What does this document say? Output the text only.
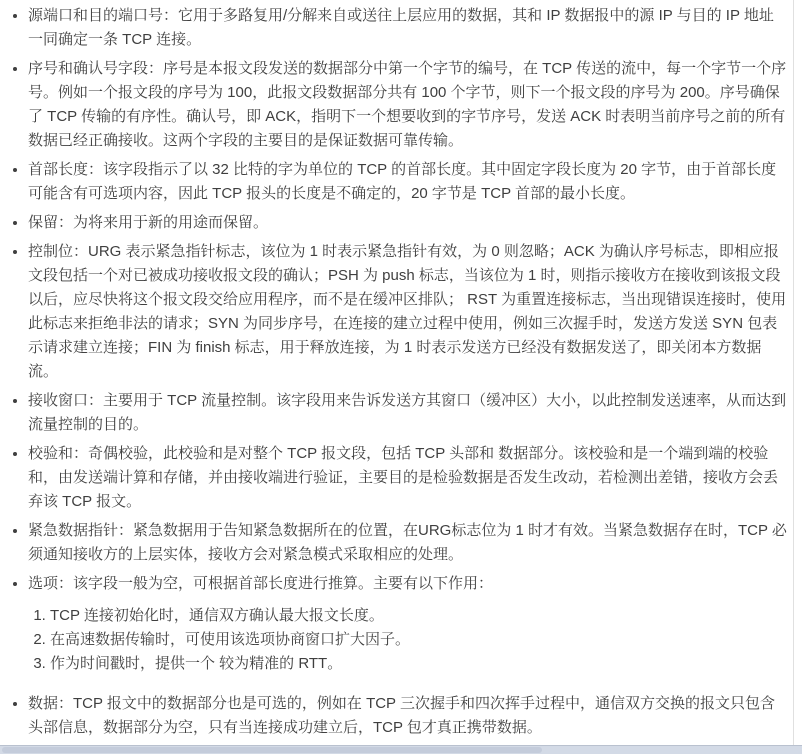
• 源端口和目的端口号：它用于多路复用/分解来自或送往上层应用的数据，其和 IP 数据报中的源 IP 与目的 IP 地址一同确定一条 TCP 连接。
• 序号和确认号字段：序号是本报文段发送的数据部分中第一个字节的编号，在 TCP 传送的流中，每一个字节一个序号。例如一个报文段的序号为 100，此报文段数据部分共有 100 个字节，则下一个报文段的序号为 200。序号确保了 TCP 传输的有序性。确认号，即 ACK，指明下一个想要收到的字节序号，发送 ACK 时表明当前序号之前的所有数据已经正确接收。这两个字段的主要目的是保证数据可靠传输。
• 首部长度：该字段指示了以 32 比特的字为单位的 TCP 的首部长度。其中固定字段长度为 20 字节，由于首部长度可能含有可选项内容，因此 TCP 报头的长度是不确定的，20 字节是 TCP 首部的最小长度。
• 保留：为将来用于新的用途而保留。
• 控制位：URG 表示紧急指针标志，该位为 1 时表示紧急指针有效，为 0 则忽略；ACK 为确认序号标志，即相应报文段包括一个对已被成功接收报文段的确认；PSH 为 push 标志，当该位为 1 时，则指示接收方在接收到该报文段以后，应尽快将这个报文段交给应用程序，而不是在缓冲区排队； RST 为重置连接标志，当出现错误连接时，使用此标志来拒绝非法的请求；SYN 为同步序号，在连接的建立过程中使用，例如三次握手时，发送方发送 SYN 包表示请求建立连接；FIN 为 finish 标志，用于释放连接，为 1 时表示发送方已经没有数据发送了，即关闭本方数据流。
• 接收窗口：主要用于 TCP 流量控制。该字段用来告诉发送方其窗口（缓冲区）大小，以此控制发送速率，从而达到流量控制的目的。
• 校验和：奇偶校验，此校验和是对整个 TCP 报文段，包括 TCP 头部和 数据部分。该校验和是一个端到端的校验和，由发送端计算和存储，并由接收端进行验证，主要目的是检验数据是否发生改动，若检测出差错，接收方会丢弃该 TCP 报文。
• 紧急数据指针：紧急数据用于告知紧急数据所在的位置，在URG标志位为 1 时才有效。当紧急数据存在时，TCP 必须通知接收方的上层实体，接收方会对紧急模式采取相应的处理。
• 选项：该字段一般为空，可根据首部长度进行推算。主要有以下作用：
1. TCP 连接初始化时，通信双方确认最大报文长度。
2. 在高速数据传输时，可使用该选项协商窗口扩大因子。
3. 作为时间戳时，提供一个 较为精准的 RTT。
• 数据：TCP 报文中的数据部分也是可选的，例如在 TCP 三次握手和四次挥手过程中，通信双方交换的报文只包含头部信息，数据部分为空，只有当连接成功建立后，TCP 包才真正携带数据。
